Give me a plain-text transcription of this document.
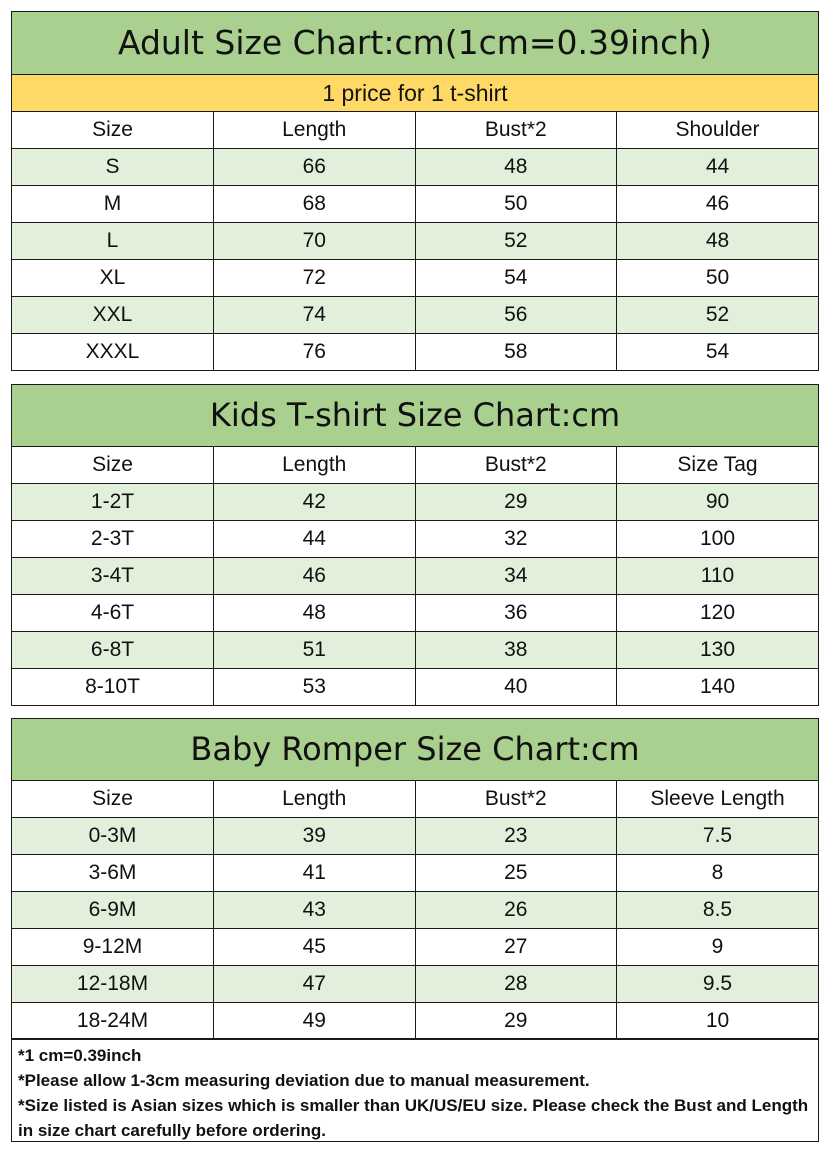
Adult Size Chart:cm(1cm=0.39inch)
1 price for 1 t-shirt
Size	Length	Bust*2	Shoulder
S	66	48	44
M	68	50	46
L	70	52	48
XL	72	54	50
XXL	74	56	52
XXXL	76	58	54
Kids T-shirt Size Chart:cm
Size	Length	Bust*2	Size Tag
1-2T	42	29	90
2-3T	44	32	100
3-4T	46	34	110
4-6T	48	36	120
6-8T	51	38	130
8-10T	53	40	140
Baby Romper Size Chart:cm
Size	Length	Bust*2	Sleeve Length
0-3M	39	23	7.5
3-6M	41	25	8
6-9M	43	26	8.5
9-12M	45	27	9
12-18M	47	28	9.5
18-24M	49	29	10
*1 cm=0.39inch
*Please allow 1-3cm measuring deviation due to manual measurement.
*Size listed is Asian sizes which is smaller than UK/US/EU size. Please check the Bust and Length in size chart carefully before ordering.
